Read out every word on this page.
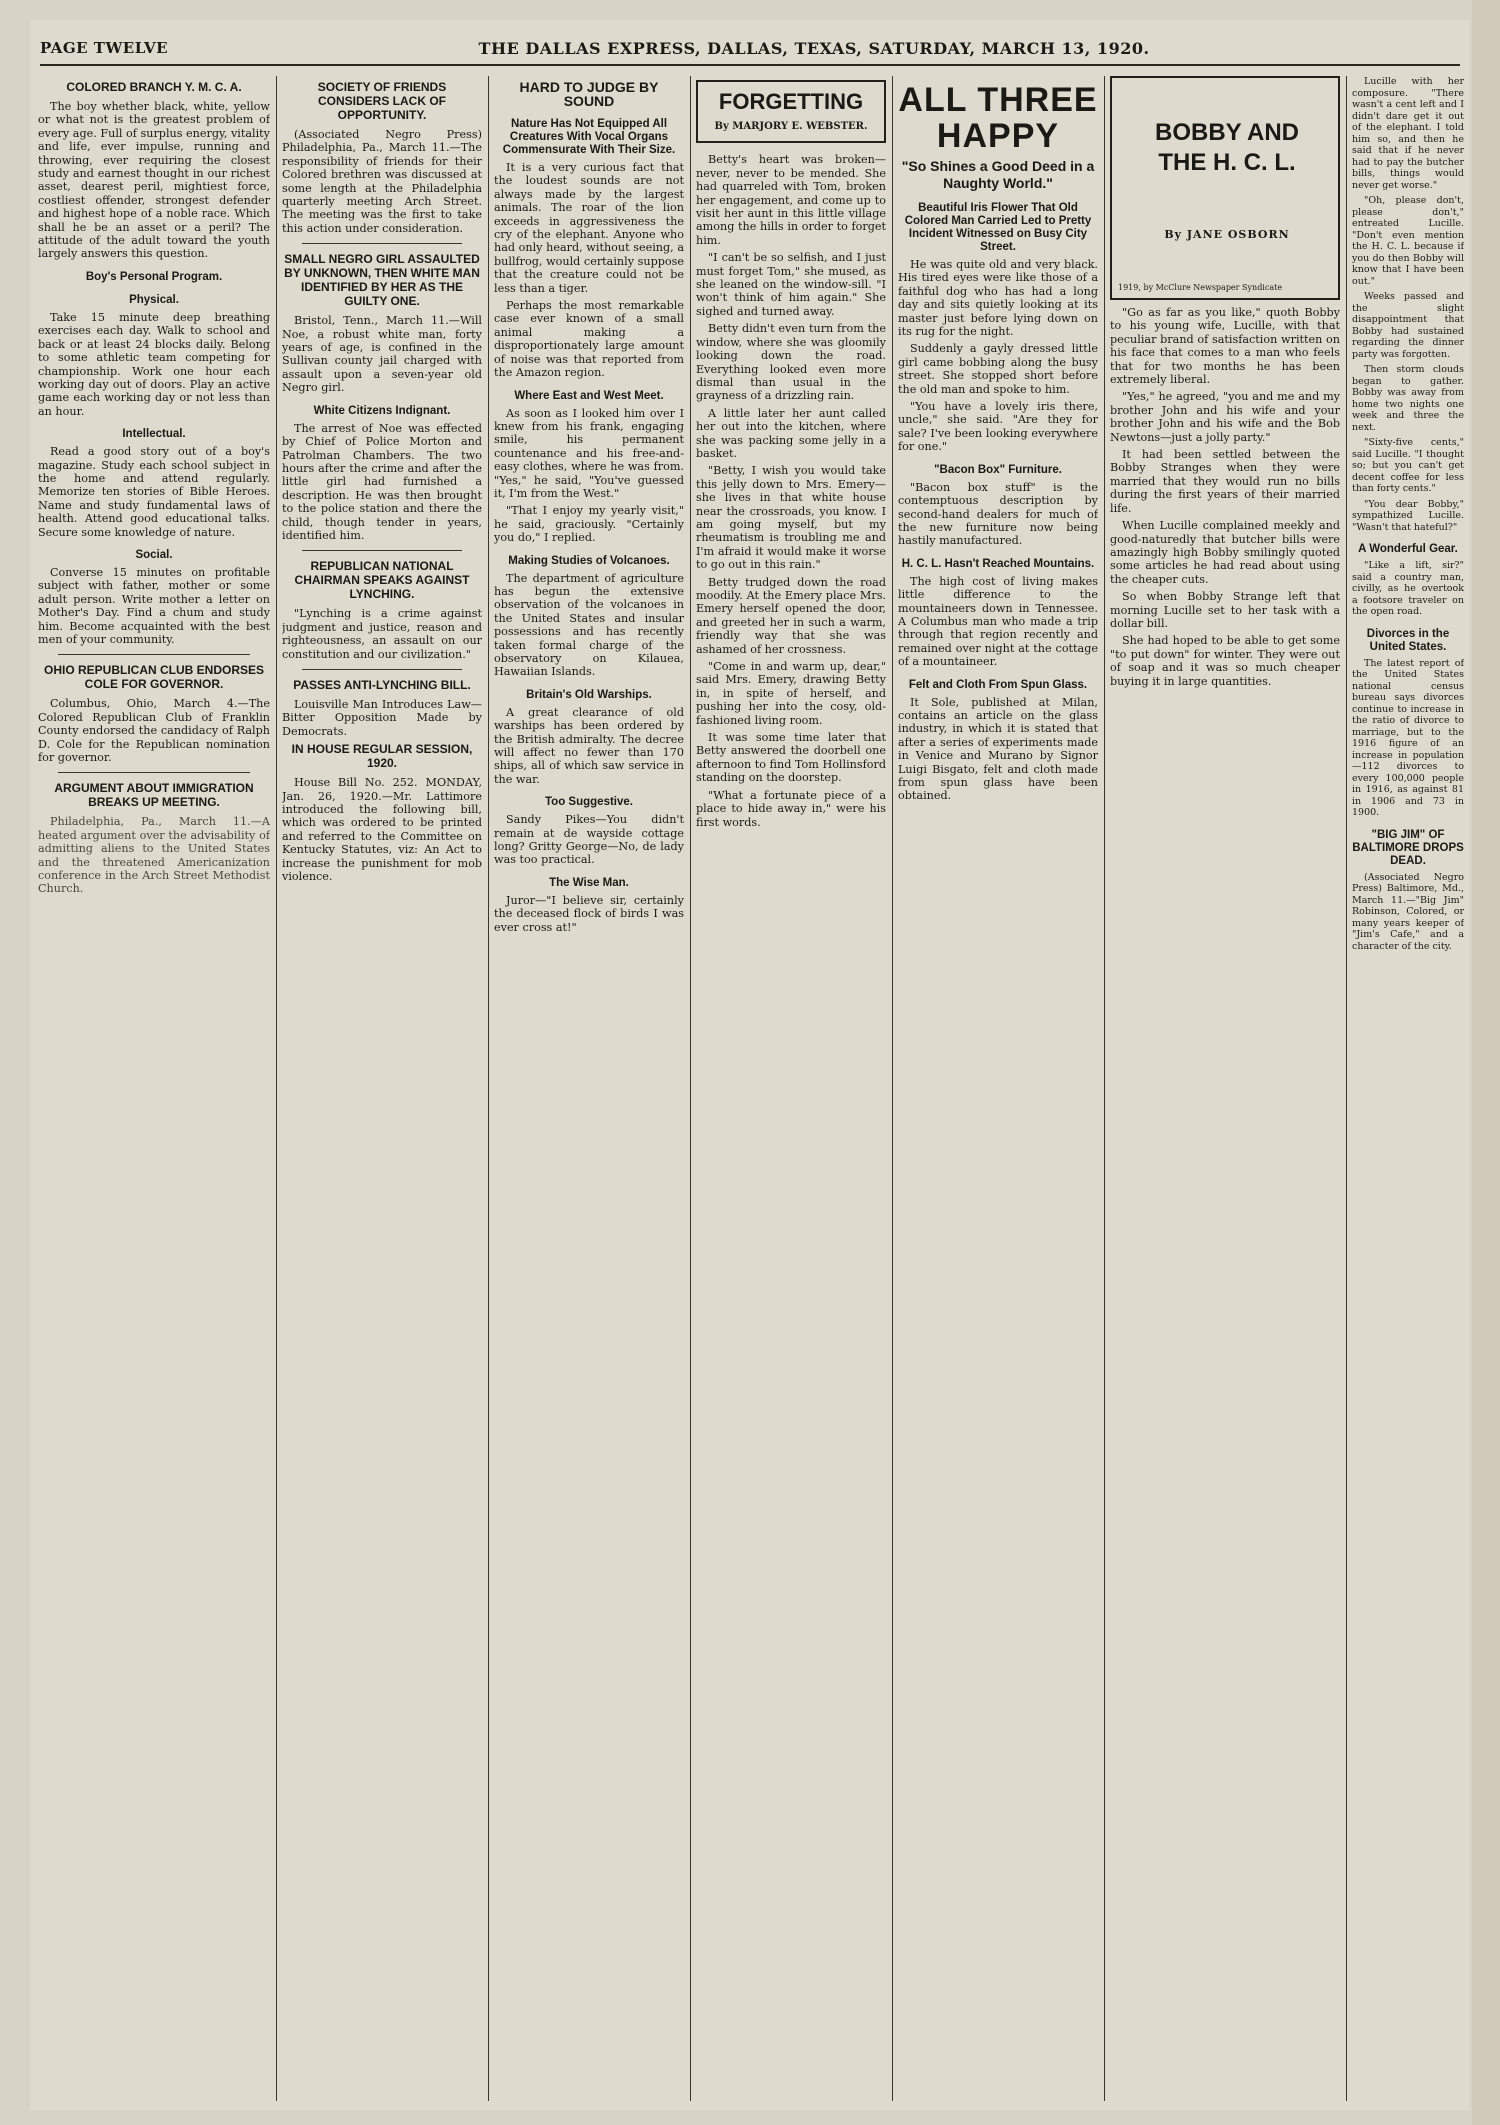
PAGE TWELVE	THE DALLAS EXPRESS, DALLAS, TEXAS, SATURDAY, MARCH 13, 1920.
COLORED BRANCH Y. M. C. A.

The boy whether black, white, yellow or what not is the greatest problem of every age. Full of surplus energy, vitality and life, ever impulse, running and throwing, ever requiring the closest study and earnest thought in our richest asset, dearest peril, mightiest force, costliest offender, strongest defender and highest hope of a noble race. Which shall he be an asset or a peril? The attitude of the adult toward the youth largely answers this question.

Boy's Personal Program.
Physical.

Take 15 minute deep breathing exercises each day. Walk to school and back or at least 24 blocks daily. Belong to some athletic team competing for championship. Work one hour each working day out of doors. Play an active game each working day or not less than an hour.

Intellectual.

Read a good story out of a boy's magazine. Study each school subject in the home and attend regularly. Memorize ten stories of Bible Heroes. Name and study fundamental laws of health. Attend good educational talks. Secure some knowledge of nature.

Social.

Converse 15 minutes on profitable subject with father, mother or some adult person. Write mother a letter on Mother's Day. Find a chum and study him. Become acquainted with the best men of your community.

OHIO REPUBLICAN CLUB ENDORSES COLE FOR GOVERNOR.

Columbus, Ohio, March 4.—The Colored Republican Club of Franklin County endorsed the candidacy of Ralph D. Cole for the Republican nomination for governor.

ARGUMENT ABOUT IMMIGRATION BREAKS UP MEETING.

Philadelphia, Pa., March 11.—A heated argument over the advisability of admitting aliens to the United States and the threatened Americanization conference in the Arch Street Methodist Church.

SOCIETY OF FRIENDS CONSIDERS LACK OF OPPORTUNITY.

(Associated Negro Press) Philadelphia, Pa., March 11.—The responsibility of friends for their Colored brethren was discussed at some length at the Philadelphia quarterly meeting Arch Street. The meeting was the first to take this action under consideration.

SMALL NEGRO GIRL ASSAULTED BY UNKNOWN, THEN WHITE MAN IDENTIFIED BY HER AS THE GUILTY ONE.

Bristol, Tenn., March 11.—Will Noe, a robust white man, forty years of age, is confined in the Sullivan county jail charged with assault upon a seven-year old Negro girl.

White Citizens Indignant.

The arrest of Noe was effected by Chief of Police Morton and Patrolman Chambers. The two hours after the crime and after the little girl had furnished a description. He was then brought to the police station and there the child, though tender in years, identified him.

REPUBLICAN NATIONAL CHAIRMAN SPEAKS AGAINST LYNCHING.

"Lynching is a crime against judgment and justice, reason and righteousness, an assault on our constitution and our civilization."

PASSES ANTI-LYNCHING BILL.

Louisville Man Introduces Law—Bitter Opposition Made by Democrats.

IN HOUSE REGULAR SESSION, 1920.

House Bill No. 252. MONDAY, Jan. 26, 1920.—Mr. Lattimore introduced the following bill, which was ordered to be printed and referred to the Committee on Kentucky Statutes, viz: An Act to increase the punishment for mob violence.

HARD TO JUDGE BY SOUND
Nature Has Not Equipped All Creatures With Vocal Organs Commensurate With Their Size.

It is a very curious fact that the loudest sounds are not always made by the largest animals. The roar of the lion exceeds in aggressiveness the cry of the elephant. Anyone who had only heard, without seeing, a bullfrog, would certainly suppose that the creature could not be less than a tiger.

Perhaps the most remarkable case ever known of a small animal making a disproportionately large amount of noise was that reported from the Amazon region.

Where East and West Meet.

As soon as I looked him over I knew from his frank, engaging smile, his permanent countenance and his free-and-easy clothes, where he was from. "Yes," he said, "You've guessed it, I'm from the West."

"That I enjoy my yearly visit," he said, graciously. "Certainly you do," I replied.

Making Studies of Volcanoes.

The department of agriculture has begun the extensive observation of the volcanoes in the United States and insular possessions and has recently taken formal charge of the observatory on Kilauea, Hawaiian Islands.

Britain's Old Warships.

A great clearance of old warships has been ordered by the British admiralty. The decree will affect no fewer than 170 ships, all of which saw service in the war.

Too Suggestive.

Sandy Pikes—You didn't remain at de wayside cottage long? Gritty George—No, de lady was too practical.

The Wise Man.

Juror—"I believe sir, certainly the deceased flock of birds I was ever cross at!"

FORGETTING
By MARJORY E. WEBSTER.

Betty's heart was broken—never, never to be mended. She had quarreled with Tom, broken her engagement, and come up to visit her aunt in this little village among the hills in order to forget him.

"I can't be so selfish, and I just must forget Tom," she mused, as she leaned on the window-sill. "I won't think of him again." She sighed and turned away.

Betty didn't even turn from the window, where she was gloomily looking down the road. Everything looked even more dismal than usual in the grayness of a drizzling rain.

A little later her aunt called her out into the kitchen, where she was packing some jelly in a basket.

"Betty, I wish you would take this jelly down to Mrs. Emery—she lives in that white house near the crossroads, you know. I am going myself, but my rheumatism is troubling me and I'm afraid it would make it worse to go out in this rain."

Betty trudged down the road moodily. At the Emery place Mrs. Emery herself opened the door, and greeted her in such a warm, friendly way that she was ashamed of her crossness.

"Come in and warm up, dear," said Mrs. Emery, drawing Betty in, in spite of herself, and pushing her into the cosy, old-fashioned living room.

It was some time later that Betty answered the doorbell one afternoon to find Tom Hollinsford standing on the doorstep.

"What a fortunate piece of a place to hide away in," were his first words.

ALL THREE HAPPY
"So Shines a Good Deed in a Naughty World."
Beautiful Iris Flower That Old Colored Man Carried Led to Pretty Incident Witnessed on Busy City Street.

He was quite old and very black. His tired eyes were like those of a faithful dog who has had a long day and sits quietly looking at its master just before lying down on its rug for the night.

Suddenly a gayly dressed little girl came bobbing along the busy street. She stopped short before the old man and spoke to him.

"You have a lovely iris there, uncle," she said. "Are they for sale? I've been looking everywhere for one."

"Bacon Box" Furniture.

"Bacon box stuff" is the contemptuous description by second-hand dealers for much of the new furniture now being hastily manufactured.

H. C. L. Hasn't Reached Mountains.

The high cost of living makes little difference to the mountaineers down in Tennessee. A Columbus man who made a trip through that region recently and remained over night at the cottage of a mountaineer.

Felt and Cloth From Spun Glass.

It Sole, published at Milan, contains an article on the glass industry, in which it is stated that after a series of experiments made in Venice and Murano by Signor Luigi Bisgato, felt and cloth made from spun glass have been obtained.

BOBBY AND THE H. C. L.
By JANE OSBORN
1919, by McClure Newspaper Syndicate

"Go as far as you like," quoth Bobby to his young wife, Lucille, with that peculiar brand of satisfaction written on his face that comes to a man who feels that for two months he has been extremely liberal.

"Yes," he agreed, "you and me and my brother John and his wife and your brother John and his wife and the Bob Newtons—just a jolly party."

It had been settled between the Bobby Stranges when they were married that they would run no bills during the first years of their married life.

When Lucille complained meekly and good-naturedly that butcher bills were amazingly high Bobby smilingly quoted some articles he had read about using the cheaper cuts.

So when Bobby Strange left that morning Lucille set to her task with a dollar bill.

She had hoped to be able to get some "to put down" for winter. They were out of soap and it was so much cheaper buying it in large quantities.

Lucille with her composure. "There wasn't a cent left and I didn't dare get it out of the elephant. I told him so, and then he said that if he never had to pay the butcher bills, things would never get worse."

"Oh, please don't, please don't," entreated Lucille. "Don't even mention the H. C. L. because if you do then Bobby will know that I have been out."

Weeks passed and the slight disappointment that Bobby had sustained regarding the dinner party was forgotten.

Then storm clouds began to gather. Bobby was away from home two nights one week and three the next.

"Sixty-five cents," said Lucille. "I thought so; but you can't get decent coffee for less than forty cents."

"You dear Bobby," sympathized Lucille. "Wasn't that hateful?"

A Wonderful Gear.

"Like a lift, sir?" said a country man, civilly, as he overtook a footsore traveler on the open road.

Divorces in the United States.

The latest report of the United States national census bureau says divorces continue to increase in the ratio of divorce to marriage, but to the 1916 figure of an increase in population—112 divorces to every 100,000 people in 1916, as against 81 in 1906 and 73 in 1900.

"BIG JIM" OF BALTIMORE DROPS DEAD.

(Associated Negro Press) Baltimore, Md., March 11.—"Big Jim" Robinson, Colored, or many years keeper of "Jim's Cafe," and a character of the city.
